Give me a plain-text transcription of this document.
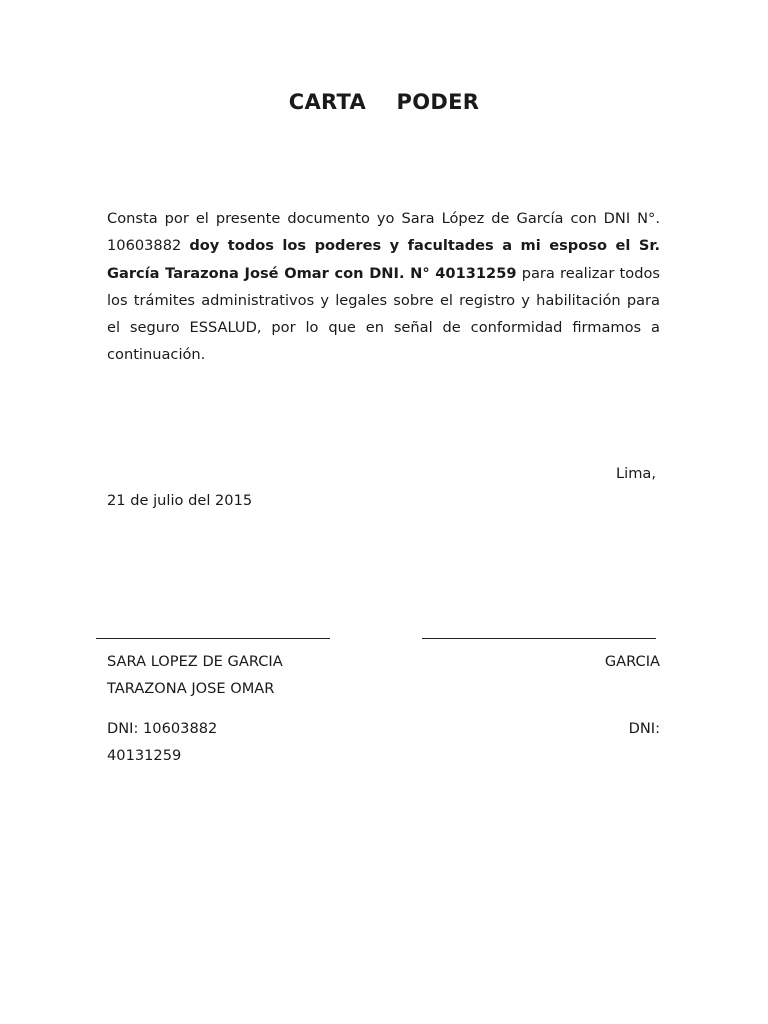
CARTA    PODER
Consta por el presente documento yo Sara López de García con DNI N°. 10603882 doy todos los poderes y facultades a mi esposo el Sr. García Tarazona José Omar con DNI. N° 40131259 para realizar todos los trámites administrativos y legales sobre el registro y habilitación para el seguro ESSALUD, por lo que en señal de conformidad firmamos a continuación.
Lima,
21 de julio del 2015
SARA LOPEZ DE GARCIA	GARCIA
TARAZONA JOSE OMAR
DNI: 10603882	DNI:
40131259
